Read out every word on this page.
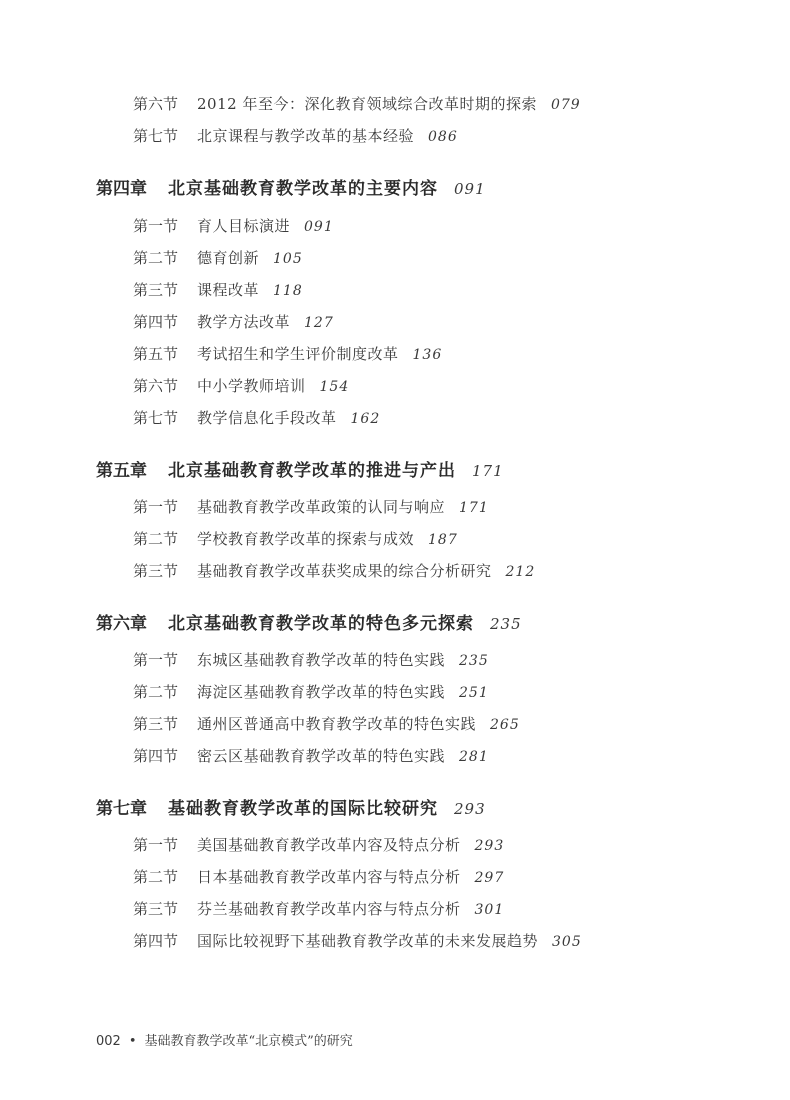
第六节 2012 年至今：深化教育领域综合改革时期的探索 079
第七节 北京课程与教学改革的基本经验 086
第四章 北京基础教育教学改革的主要内容 091
第一节 育人目标演进 091
第二节 德育创新 105
第三节 课程改革 118
第四节 教学方法改革 127
第五节 考试招生和学生评价制度改革 136
第六节 中小学教师培训 154
第七节 教学信息化手段改革 162
第五章 北京基础教育教学改革的推进与产出 171
第一节 基础教育教学改革政策的认同与响应 171
第二节 学校教育教学改革的探索与成效 187
第三节 基础教育教学改革获奖成果的综合分析研究 212
第六章 北京基础教育教学改革的特色多元探索 235
第一节 东城区基础教育教学改革的特色实践 235
第二节 海淀区基础教育教学改革的特色实践 251
第三节 通州区普通高中教育教学改革的特色实践 265
第四节 密云区基础教育教学改革的特色实践 281
第七章 基础教育教学改革的国际比较研究 293
第一节 美国基础教育教学改革内容及特点分析 293
第二节 日本基础教育教学改革内容与特点分析 297
第三节 芬兰基础教育教学改革内容与特点分析 301
第四节 国际比较视野下基础教育教学改革的未来发展趋势 305
002 • 基础教育教学改革“北京模式”的研究
